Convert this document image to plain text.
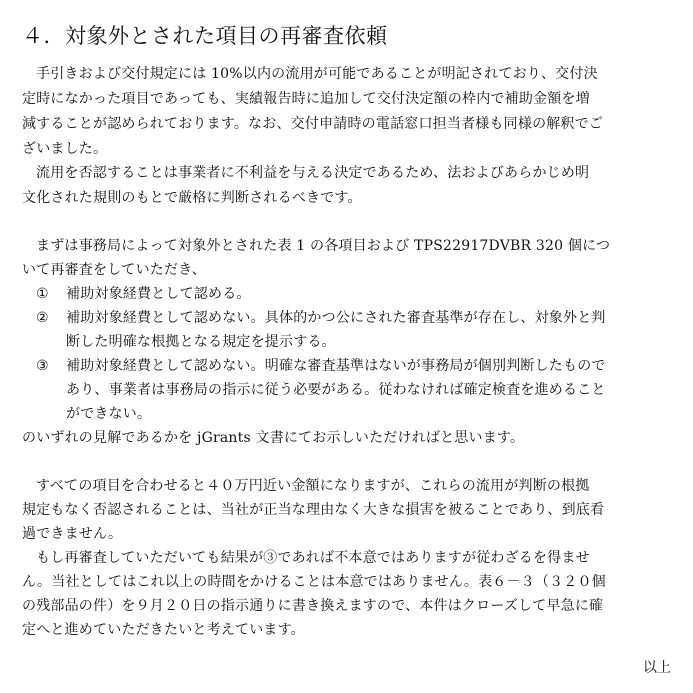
４．対象外とされた項目の再審査依頼
手引きおよび交付規定には 10%以内の流用が可能であることが明記されており、交付決
定時になかった項目であっても、実績報告時に追加して交付決定額の枠内で補助金額を増
減することが認められております。なお、交付申請時の電話窓口担当者様も同様の解釈でご
ざいました。
流用を否認することは事業者に不利益を与える決定であるため、法およびあらかじめ明
文化された規則のもとで厳格に判断されるべきです。
まずは事務局によって対象外とされた表 1 の各項目および TPS22917DVBR 320 個につ
いて再審査をしていただき、
① 補助対象経費として認める。
② 補助対象経費として認めない。具体的かつ公にされた審査基準が存在し、対象外と判
断した明確な根拠となる規定を提示する。
③ 補助対象経費として認めない。明確な審査基準はないが事務局が個別判断したもので
あり、事業者は事務局の指示に従う必要がある。従わなければ確定検査を進めること
ができない。
のいずれの見解であるかを jGrants 文書にてお示しいただければと思います。
すべての項目を合わせると４０万円近い金額になりますが、これらの流用が判断の根拠
規定もなく否認されることは、当社が正当な理由なく大きな損害を被ることであり、到底看
過できません。
もし再審査していただいても結果が③であれば不本意ではありますが従わざるを得ませ
ん。当社としてはこれ以上の時間をかけることは本意ではありません。表６－３（３２０個
の残部品の件）を９月２０日の指示通りに書き換えますので、本件はクローズして早急に確
定へと進めていただきたいと考えています。
以上
